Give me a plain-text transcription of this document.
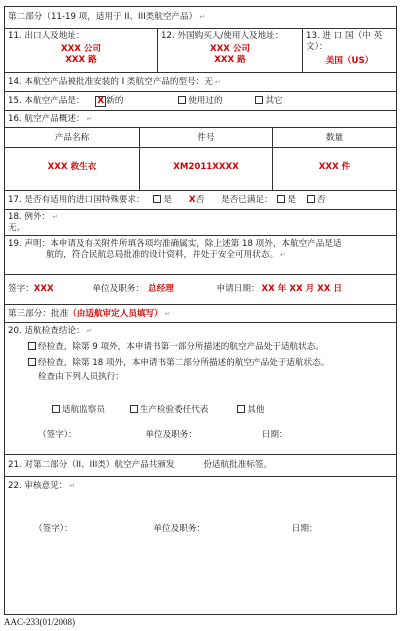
第二部分（11-19 项，适用于 II、III类航空产品） ↵
11. 出口人及地址：
XXX 公司
XXX 路
12. 外国购买人/使用人及地址：
XXX 公司
XXX 路
13. 进 口 国（中 英 文）：
美国（US）
14. 本航空产品被批准安装的 I 类航空产品的型号：无 ↵
15. 本航空产品是： X 新的	使用过的	其它
16. 航空产品概述： ↵
产品名称	件号	数量
XXX 救生衣	XM2011XXXX	XXX 件
17. 是否有适用的进口国特殊要求： 是 X否 是否已满足： 是 否
18. 例外： ↵
无。
19. 声明：本申请及有关附件所填各项均准确属实，除上述第 18 项外，本航空产品是适
航的，符合民航总局批准的设计资料，并处于安全可用状态。 ↵
签字：XXX	单位及职务： 总经理	申请日期： XX 年 XX 月 XX 日
第三部分：批准（由适航审定人员填写） ↵
20. 适航检查结论： ↵
经检查，除第 9 项外，本申请书第一部分所描述的航空产品处于适航状态。
经检查，除第 18 项外，本申请书第二部分所描述的航空产品处于适航状态。
检查由下列人员执行：
适航监察员	生产检验委任代表	其他
（签字）：	单位及职务：	日期：
21. 对第二部分（II、III类）航空产品共颁发	份适航批准标签。
22. 审核意见： ↵
（签字）：	单位及职务：	日期：
AAC-233(01/2008)
